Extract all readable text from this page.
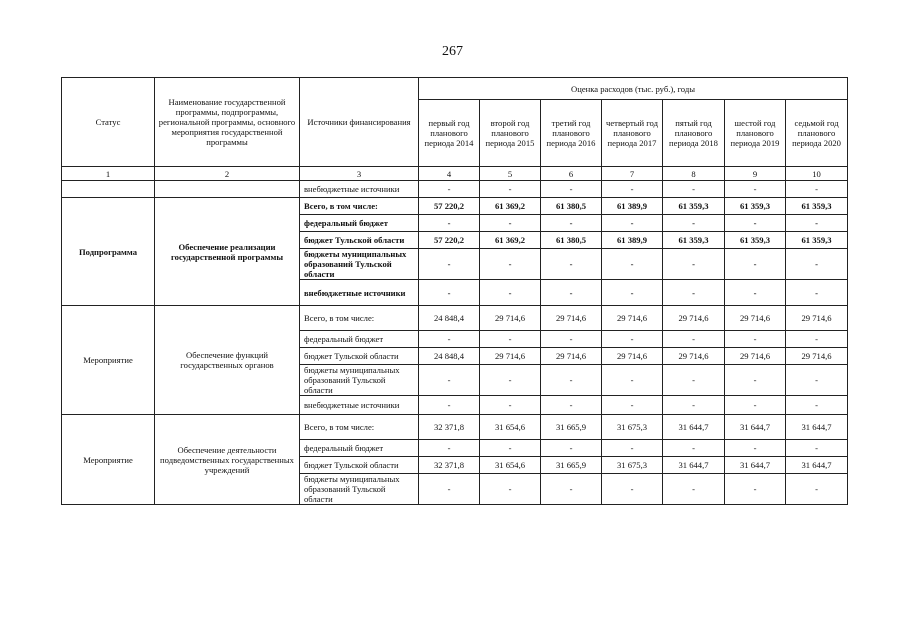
267
Статус	Наименование государственной программы, подпрограммы, региональной программы, основного мероприятия государственной программы	Источники финансирования	Оценка расходов (тыс. руб.), годы						
			первый год планового периода 2014	второй год планового периода 2015	третий год планового периода 2016	четвертый год планового периода 2017	пятый год планового периода 2018	шестой год планового периода 2019	седьмой год планового периода 2020
1	2	3	4	5	6	7	8	9	10
		внебюджетные источники	-	-	-	-	-	-	-
Подпрограмма	Обеспечение реализации государственной программы	Всего, в том числе:	57 220,2	61 369,2	61 380,5	61 389,9	61 359,3	61 359,3	61 359,3
		федеральный бюджет	-	-	-	-	-	-	-
		бюджет Тульской области	57 220,2	61 369,2	61 380,5	61 389,9	61 359,3	61 359,3	61 359,3
		бюджеты муниципальных образований Тульской области	-	-	-	-	-	-	-
		внебюджетные источники	-	-	-	-	-	-	-
Мероприятие	Обеспечение функций государственных органов	Всего, в том числе:	24 848,4	29 714,6	29 714,6	29 714,6	29 714,6	29 714,6	29 714,6
		федеральный бюджет	-	-	-	-	-	-	-
		бюджет Тульской области	24 848,4	29 714,6	29 714,6	29 714,6	29 714,6	29 714,6	29 714,6
		бюджеты муниципальных образований Тульской области	-	-	-	-	-	-	-
		внебюджетные источники	-	-	-	-	-	-	-
Мероприятие	Обеспечение деятельности подведомственных государственных учреждений	Всего, в том числе:	32 371,8	31 654,6	31 665,9	31 675,3	31 644,7	31 644,7	31 644,7
		федеральный бюджет	-	-	-	-	-	-	-
		бюджет Тульской области	32 371,8	31 654,6	31 665,9	31 675,3	31 644,7	31 644,7	31 644,7
		бюджеты муниципальных образований Тульской области	-	-	-	-	-	-	-
